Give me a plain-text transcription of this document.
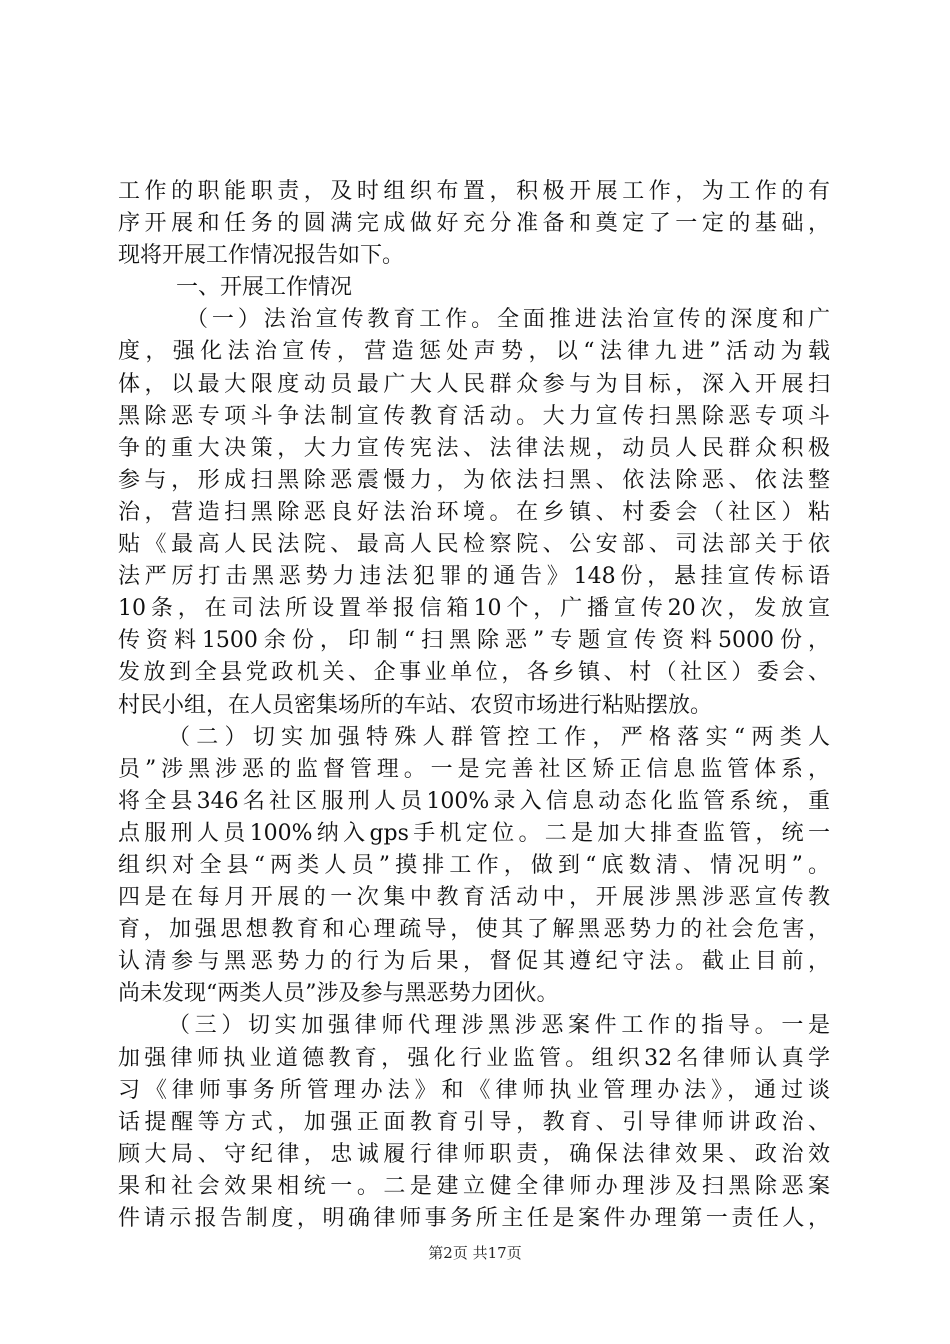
工作的职能职责，及时组织布置，积极开展工作，为工作的有
序开展和任务的圆满完成做好充分准备和奠定了一定的基础，
现将开展工作情况报告如下。
一、开展工作情况
（一）法治宣传教育工作。全面推进法治宣传的深度和广
度，强化法治宣传，营造惩处声势，以“法律九进”活动为载
体，以最大限度动员最广大人民群众参与为目标，深入开展扫
黑除恶专项斗争法制宣传教育活动。大力宣传扫黑除恶专项斗
争的重大决策，大力宣传宪法、法律法规，动员人民群众积极
参与，形成扫黑除恶震慑力，为依法扫黑、依法除恶、依法整
治，营造扫黑除恶良好法治环境。在乡镇、村委会（社区）粘
贴《最高人民法院、最高人民检察院、公安部、司法部关于依
法严厉打击黑恶势力违法犯罪的通告》148份，悬挂宣传标语
10条，在司法所设置举报信箱10个，广播宣传20次，发放宣
传资料1500余份，印制“扫黑除恶”专题宣传资料5000份，
发放到全县党政机关、企事业单位，各乡镇、村（社区）委会、
村民小组，在人员密集场所的车站、农贸市场进行粘贴摆放。
（二）切实加强特殊人群管控工作，严格落实“两类人
员”涉黑涉恶的监督管理。一是完善社区矫正信息监管体系，
将全县346名社区服刑人员100%录入信息动态化监管系统，重
点服刑人员100%纳入gps手机定位。二是加大排查监管，统一
组织对全县“两类人员”摸排工作，做到“底数清、情况明”。
四是在每月开展的一次集中教育活动中，开展涉黑涉恶宣传教
育，加强思想教育和心理疏导，使其了解黑恶势力的社会危害，
认清参与黑恶势力的行为后果，督促其遵纪守法。截止目前，
尚未发现“两类人员”涉及参与黑恶势力团伙。
（三）切实加强律师代理涉黑涉恶案件工作的指导。一是
加强律师执业道德教育，强化行业监管。组织32名律师认真学
习《律师事务所管理办法》和《律师执业管理办法》，通过谈
话提醒等方式，加强正面教育引导，教育、引导律师讲政治、
顾大局、守纪律，忠诚履行律师职责，确保法律效果、政治效
果和社会效果相统一。二是建立健全律师办理涉及扫黑除恶案
件请示报告制度，明确律师事务所主任是案件办理第一责任人，
第2页 共17页
